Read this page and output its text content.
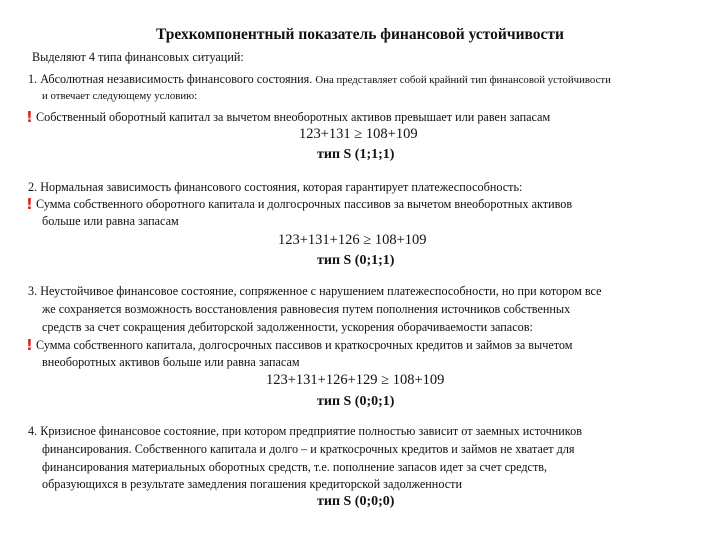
Трехкомпонентный показатель финансовой устойчивости
Выделяют 4 типа финансовых ситуаций:
1. Абсолютная независимость финансового состояния. Она представляет собой крайний тип финансовой устойчивости
и отвечает следующему условию:
! Собственный оборотный капитал за вычетом внеоборотных активов превышает или равен запасам
123+131 ≥ 108+109
тип S (1;1;1)
2. Нормальная зависимость финансового состояния, которая гарантирует платежеспособность:
! Сумма собственного оборотного капитала и долгосрочных пассивов за вычетом внеоборотных активов
больше или равна запасам
123+131+126 ≥ 108+109
тип S (0;1;1)
3. Неустойчивое финансовое состояние, сопряженное с нарушением платежеспособности, но при котором все
же сохраняется возможность восстановления равновесия путем пополнения источников собственных
средств за счет сокращения дебиторской задолженности, ускорения оборачиваемости запасов:
! Сумма собственного капитала, долгосрочных пассивов и краткосрочных кредитов и займов за вычетом
внеоборотных активов больше или равна запасам
123+131+126+129 ≥ 108+109
тип S (0;0;1)
4. Кризисное финансовое состояние, при котором предприятие полностью зависит от заемных источников
финансирования. Собственного капитала и долго – и краткосрочных кредитов и займов не хватает для
финансирования материальных оборотных средств, т.е. пополнение запасов идет за счет средств,
образующихся в результате замедления погашения кредиторской задолженности
тип S (0;0;0)
